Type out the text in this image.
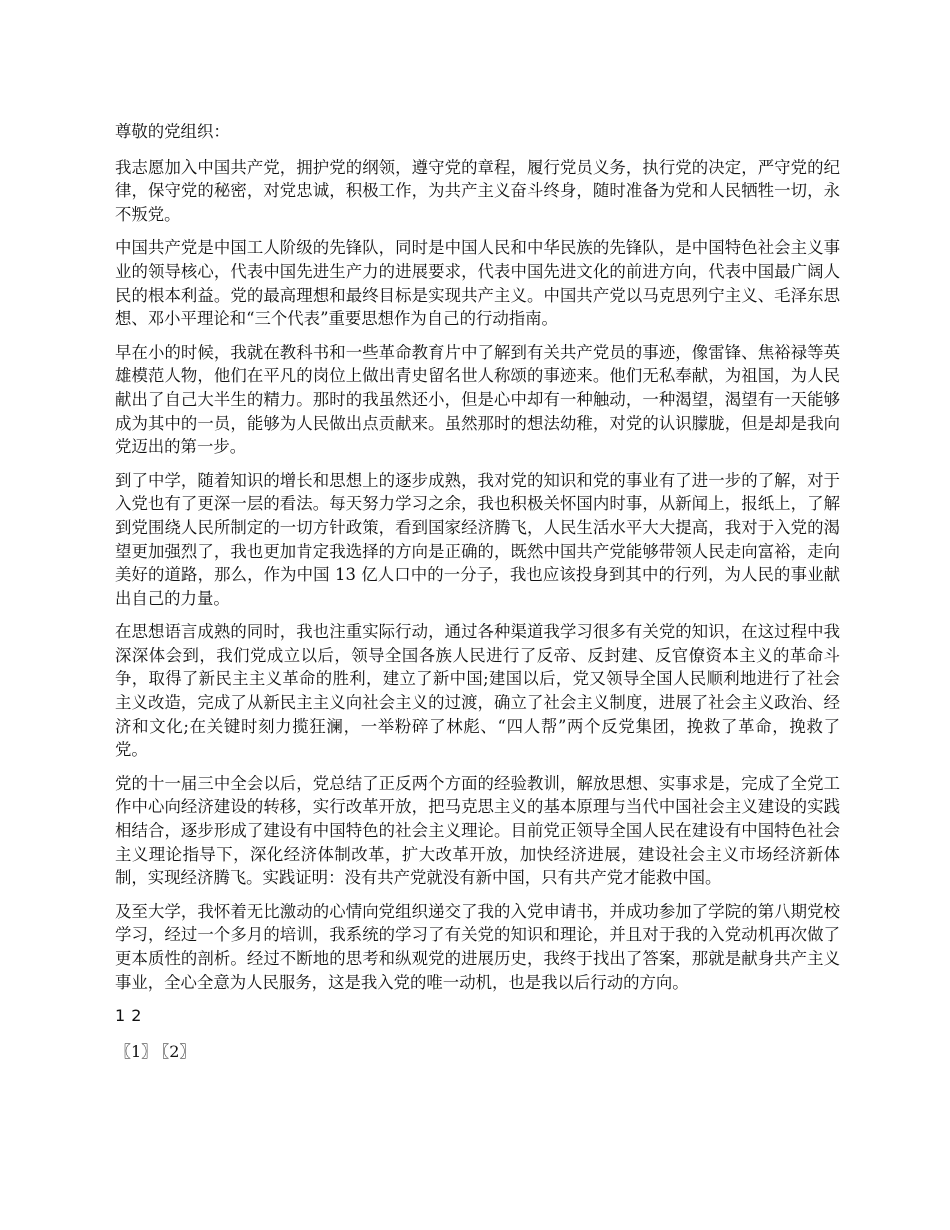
尊敬的党组织：

我志愿加入中国共产党，拥护党的纲领，遵守党的章程，履行党员义务，执行党的决定，严守党的纪律，保守党的秘密，对党忠诚，积极工作，为共产主义奋斗终身，随时准备为党和人民牺牲一切，永不叛党。

中国共产党是中国工人阶级的先锋队，同时是中国人民和中华民族的先锋队，是中国特色社会主义事业的领导核心，代表中国先进生产力的进展要求，代表中国先进文化的前进方向，代表中国最广阔人民的根本利益。党的最高理想和最终目标是实现共产主义。中国共产党以马克思列宁主义、毛泽东思想、邓小平理论和“三个代表”重要思想作为自己的行动指南。

早在小的时候，我就在教科书和一些革命教育片中了解到有关共产党员的事迹，像雷锋、焦裕禄等英雄模范人物，他们在平凡的岗位上做出青史留名世人称颂的事迹来。他们无私奉献，为祖国，为人民献出了自己大半生的精力。那时的我虽然还小，但是心中却有一种触动，一种渴望，渴望有一天能够成为其中的一员，能够为人民做出点贡献来。虽然那时的想法幼稚，对党的认识朦胧，但是却是我向党迈出的第一步。

到了中学，随着知识的增长和思想上的逐步成熟，我对党的知识和党的事业有了进一步的了解，对于入党也有了更深一层的看法。每天努力学习之余，我也积极关怀国内时事，从新闻上，报纸上，了解到党围绕人民所制定的一切方针政策，看到国家经济腾飞，人民生活水平大大提高，我对于入党的渴望更加强烈了，我也更加肯定我选择的方向是正确的，既然中国共产党能够带领人民走向富裕，走向美好的道路，那么，作为中国 13 亿人口中的一分子，我也应该投身到其中的行列，为人民的事业献出自己的力量。

在思想语言成熟的同时，我也注重实际行动，通过各种渠道我学习很多有关党的知识，在这过程中我深深体会到，我们党成立以后，领导全国各族人民进行了反帝、反封建、反官僚资本主义的革命斗争，取得了新民主主义革命的胜利，建立了新中国;建国以后，党又领导全国人民顺利地进行了社会主义改造，完成了从新民主主义向社会主义的过渡，确立了社会主义制度，进展了社会主义政治、经济和文化;在关键时刻力揽狂澜，一举粉碎了林彪、“四人帮”两个反党集团，挽救了革命，挽救了党。

党的十一届三中全会以后，党总结了正反两个方面的经验教训，解放思想、实事求是，完成了全党工作中心向经济建设的转移，实行改革开放，把马克思主义的基本原理与当代中国社会主义建设的实践相结合，逐步形成了建设有中国特色的社会主义理论。目前党正领导全国人民在建设有中国特色社会主义理论指导下，深化经济体制改革，扩大改革开放，加快经济进展，建设社会主义市场经济新体制，实现经济腾飞。实践证明：没有共产党就没有新中国，只有共产党才能救中国。

及至大学，我怀着无比激动的心情向党组织递交了我的入党申请书，并成功参加了学院的第八期党校学习，经过一个多月的培训，我系统的学习了有关党的知识和理论，并且对于我的入党动机再次做了更本质性的剖析。经过不断地的思考和纵观党的进展历史，我终于找出了答案，那就是献身共产主义事业，全心全意为人民服务，这是我入党的唯一动机，也是我以后行动的方向。

1 2
〖1〗 〖2〗
